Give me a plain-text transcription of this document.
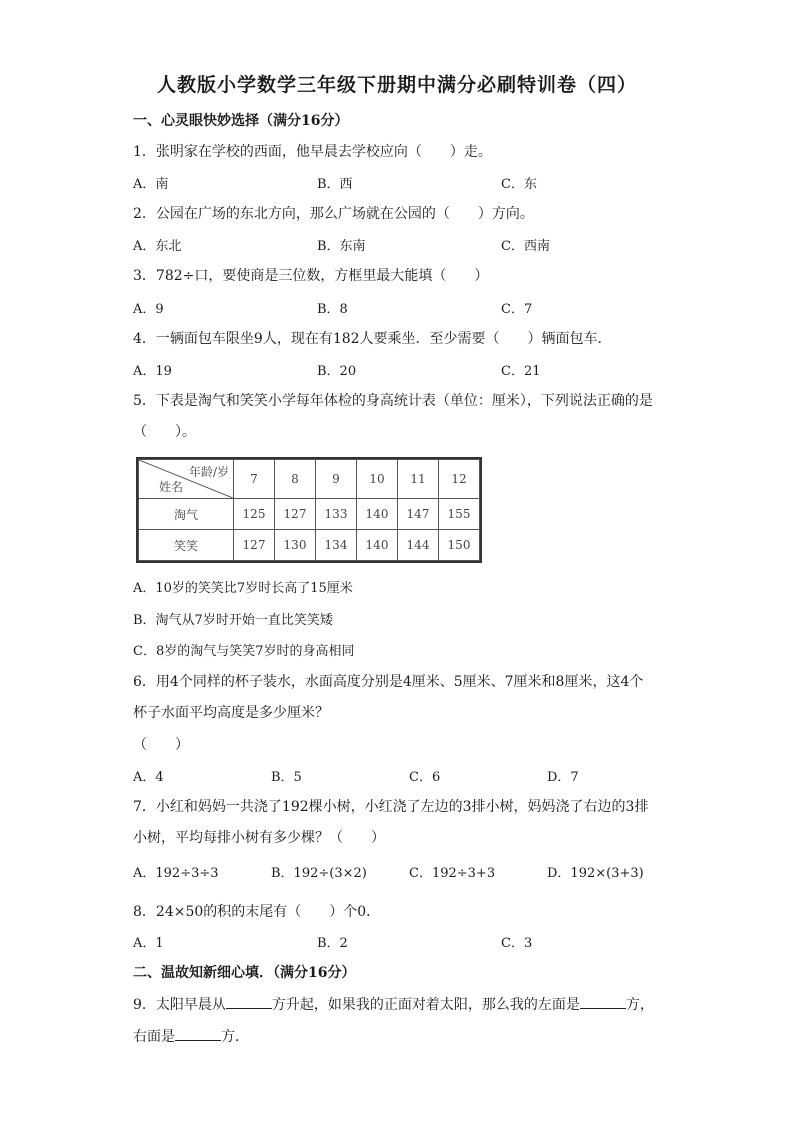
人教版小学数学三年级下册期中满分必刷特训卷（四）
一、心灵眼快妙选择（满分16分）
1．张明家在学校的西面，他早晨去学校应向（　　）走。
A．南	B．西	C．东
2．公园在广场的东北方向，那么广场就在公园的（　　）方向。
A．东北	B．东南	C．西南
3．782÷口，要使商是三位数，方框里最大能填（　　）
A．9	B．8	C．7
4．一辆面包车限坐9人，现在有182人要乘坐．至少需要（　　）辆面包车．
A．19	B．20	C．21
5．下表是淘气和笑笑小学每年体检的身高统计表（单位：厘米），下列说法正确的是
（　　）。
年龄/岁
姓名	7	8	9	10	11	12
淘气	125	127	133	140	147	155
笑笑	127	130	134	140	144	150
A．10岁的笑笑比7岁时长高了15厘米
B．淘气从7岁时开始一直比笑笑矮
C．8岁的淘气与笑笑7岁时的身高相同
6．用4个同样的杯子装水，水面高度分别是4厘米、5厘米、7厘米和8厘米，这4个
杯子水面平均高度是多少厘米？
（　　）
A．4	B．5	C．6	D．7
7．小红和妈妈一共浇了192棵小树，小红浇了左边的3排小树，妈妈浇了右边的3排
小树，平均每排小树有多少棵？（　　）
A．192÷3÷3	B．192÷(3×2)	C．192÷3+3	D．192×(3+3)
8．24×50的积的末尾有（　　）个0．
A．1	B．2	C．3
二、温故知新细心填．（满分16分）
9．太阳早晨从	方升起，如果我的正面对着太阳，那么我的左面是	方，
右面是	方．
